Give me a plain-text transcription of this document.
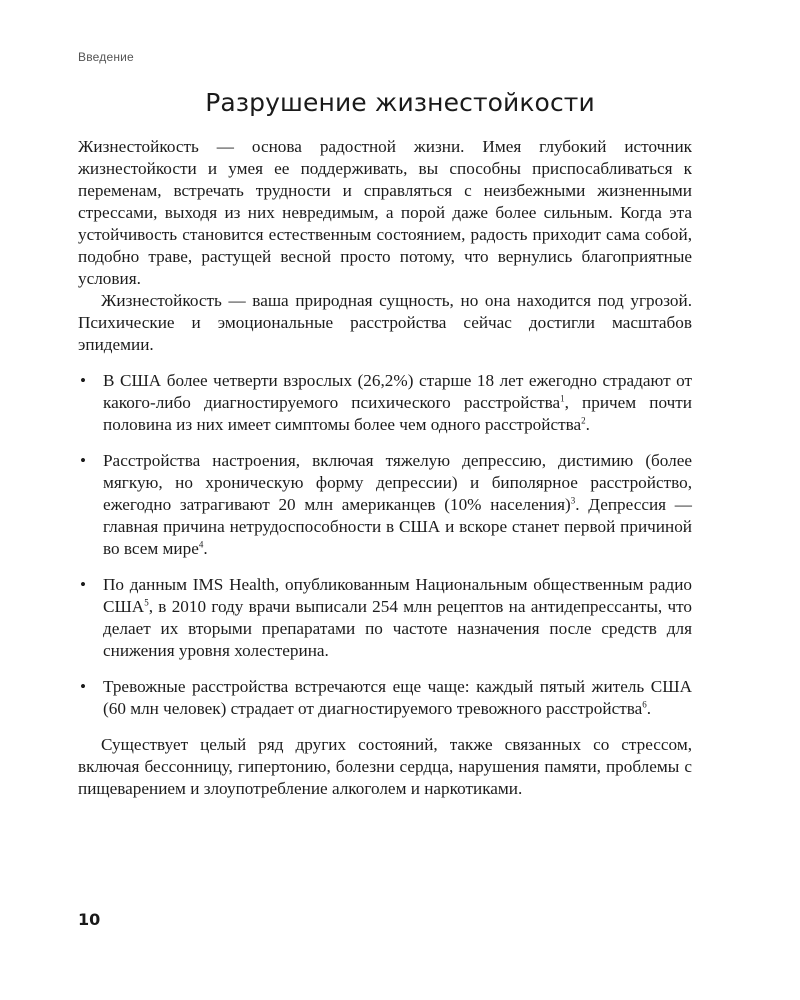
Введение
Разрушение жизнестойкости

Жизнестойкость — основа радостной жизни. Имея глубокий источник жизнестойкости и умея ее поддерживать, вы способны приспосабливаться к переменам, встречать трудности и справляться с неизбежными жизненными стрессами, выходя из них невредимым, а порой даже более сильным. Когда эта устойчивость становится естественным состоянием, радость приходит сама собой, подобно траве, растущей весной просто потому, что вернулись благоприятные условия.

Жизнестойкость — ваша природная сущность, но она находится под угрозой. Психические и эмоциональные расстройства сейчас достигли масштабов эпидемии.

• В США более четверти взрослых (26,2%) старше 18 лет ежегодно страдают от какого-либо диагностируемого психического расстройства$^1$, причем почти половина из них имеет симптомы более чем одного расстройства$^2$.
• Расстройства настроения, включая тяжелую депрессию, дистимию (более мягкую, но хроническую форму депрессии) и биполярное расстройство, ежегодно затрагивают 20 млн американцев (10% населения)$^3$. Депрессия — главная причина нетрудоспособности в США и вскоре станет первой причиной во всем мире$^4$.
• По данным IMS Health, опубликованным Национальным общественным радио США$^5$, в 2010 году врачи выписали 254 млн рецептов на антидепрессанты, что делает их вторыми препаратами по частоте назначения после средств для снижения уровня холестерина.
• Тревожные расстройства встречаются еще чаще: каждый пятый житель США (60 млн человек) страдает от диагностируемого тревожного расстройства$^6$.

Существует целый ряд других состояний, также связанных со стрессом, включая бессонницу, гипертонию, болезни сердца, нарушения памяти, проблемы с пищеварением и злоупотребление алкоголем и наркотиками.

10
